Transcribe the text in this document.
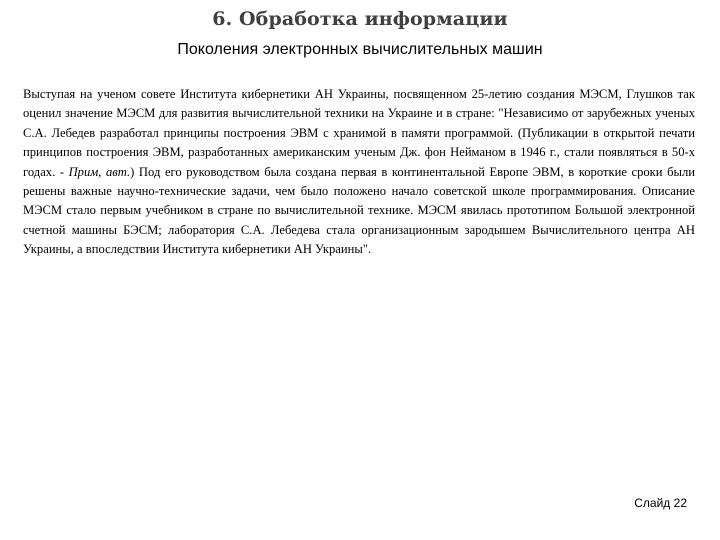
6. Обработка информации
Поколения электронных вычислительных машин

Выступая на ученом совете Института кибернетики АН Украины, посвященном 25-летию создания МЭСМ, Глушков так оценил значение МЭСМ для развития вычислительной техники на Украине и в стране: "Независимо от зарубежных ученых С.А. Лебедев разработал принципы построения ЭВМ с хранимой в памяти программой. (Публикации в открытой печати принципов построения ЭВМ, разработанных американским ученым Дж. фон Нейманом в 1946 г., стали появляться в 50-х годах. - Прим, авт.) Под его руководством была создана первая в континентальной Европе ЭВМ, в короткие сроки были решены важные научно-технические задачи, чем было положено начало советской школе программирования. Описание МЭСМ стало первым учебником в стране по вычислительной технике. МЭСМ явилась прототипом Большой электронной счетной машины БЭСМ; лаборатория С.А. Лебедева стала организационным зародышем Вычислительного центра АН Украины, а впоследствии Института кибернетики АН Украины".

Слайд 22
